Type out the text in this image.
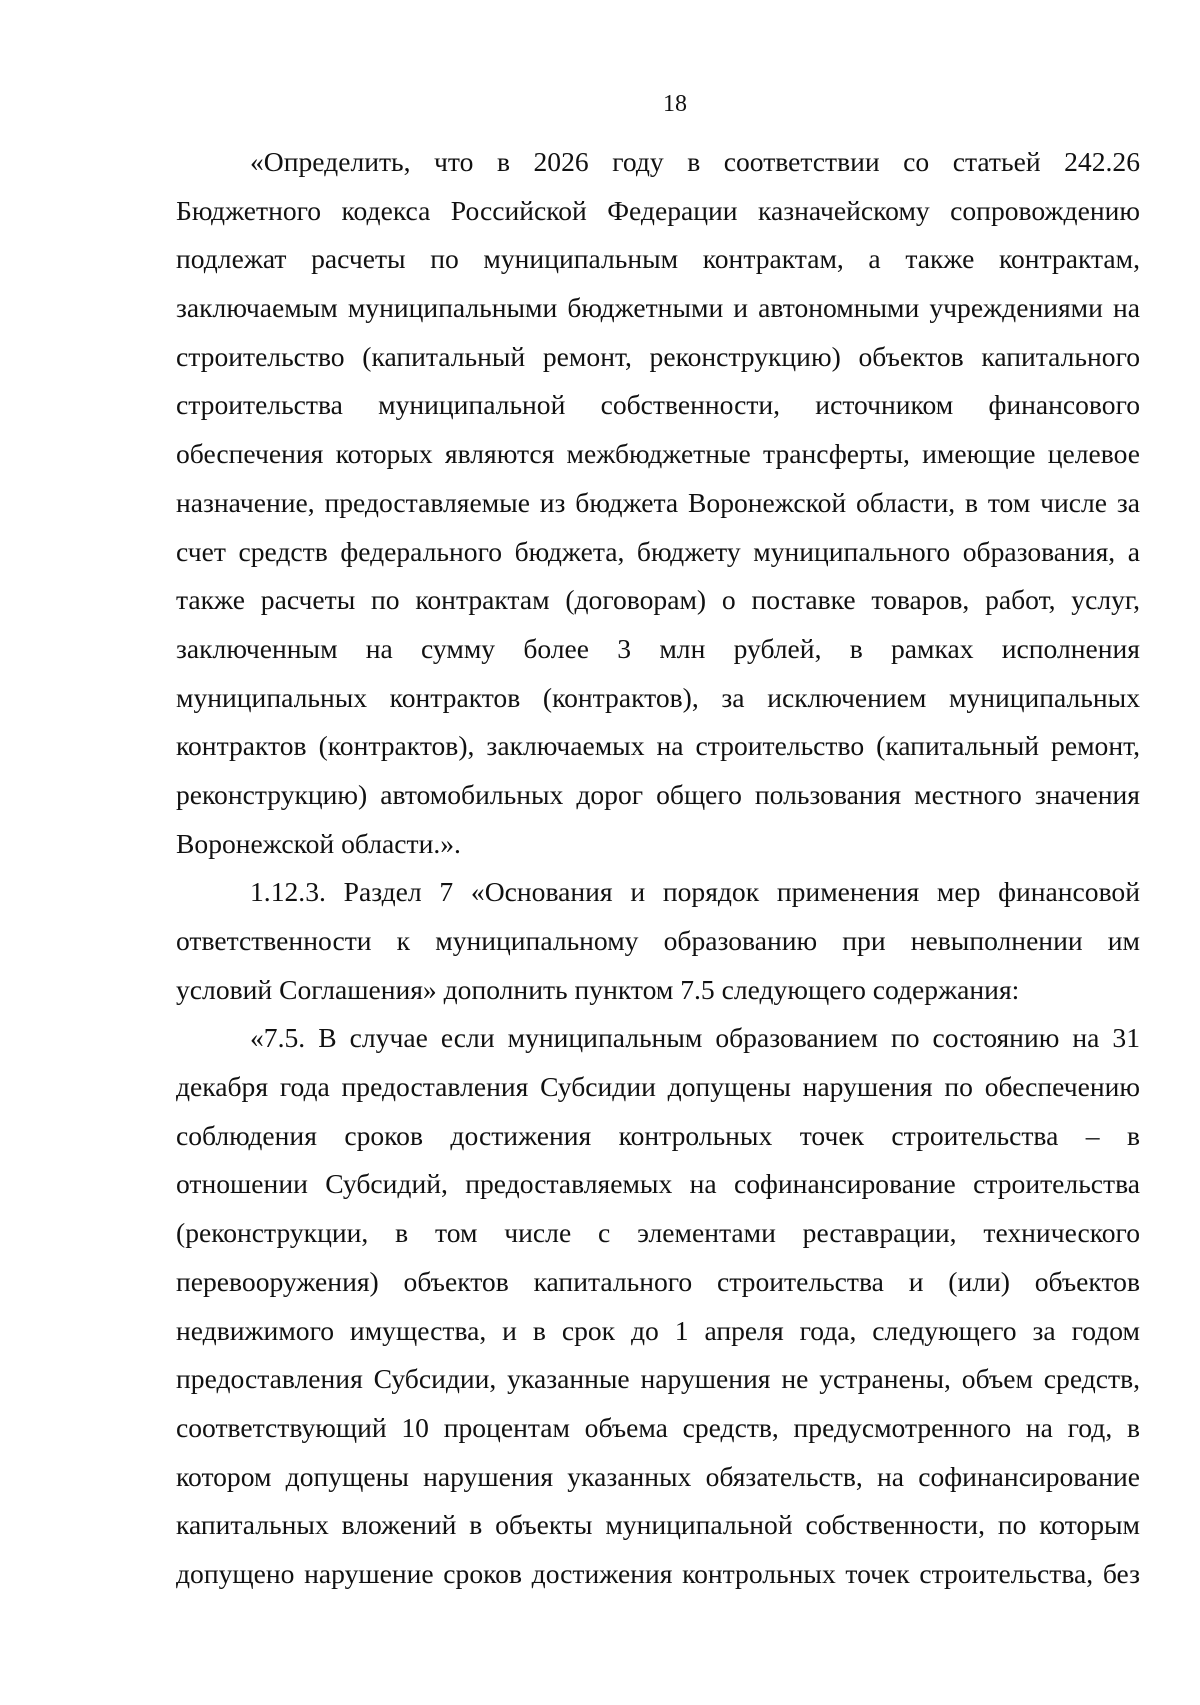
18
«Определить, что в 2026 году в соответствии со статьей 242.26
Бюджетного кодекса Российской Федерации казначейскому сопровождению
подлежат расчеты по муниципальным контрактам, а также контрактам,
заключаемым муниципальными бюджетными и автономными учреждениями на
строительство (капитальный ремонт, реконструкцию) объектов капитального
строительства муниципальной собственности, источником финансового
обеспечения которых являются межбюджетные трансферты, имеющие целевое
назначение, предоставляемые из бюджета Воронежской области, в том числе за
счет средств федерального бюджета, бюджету муниципального образования, а
также расчеты по контрактам (договорам) о поставке товаров, работ, услуг,
заключенным на сумму более 3 млн рублей, в рамках исполнения
муниципальных контрактов (контрактов), за исключением муниципальных
контрактов (контрактов), заключаемых на строительство (капитальный ремонт,
реконструкцию) автомобильных дорог общего пользования местного значения
Воронежской области.».
1.12.3. Раздел 7 «Основания и порядок применения мер финансовой
ответственности к муниципальному образованию при невыполнении им
условий Соглашения» дополнить пунктом 7.5 следующего содержания:
«7.5. В случае если муниципальным образованием по состоянию на 31
декабря года предоставления Субсидии допущены нарушения по обеспечению
соблюдения сроков достижения контрольных точек строительства – в
отношении Субсидий, предоставляемых на софинансирование строительства
(реконструкции, в том числе с элементами реставрации, технического
перевооружения) объектов капитального строительства и (или) объектов
недвижимого имущества, и в срок до 1 апреля года, следующего за годом
предоставления Субсидии, указанные нарушения не устранены, объем средств,
соответствующий 10 процентам объема средств, предусмотренного на год, в
котором допущены нарушения указанных обязательств, на софинансирование
капитальных вложений в объекты муниципальной собственности, по которым
допущено нарушение сроков достижения контрольных точек строительства, без
